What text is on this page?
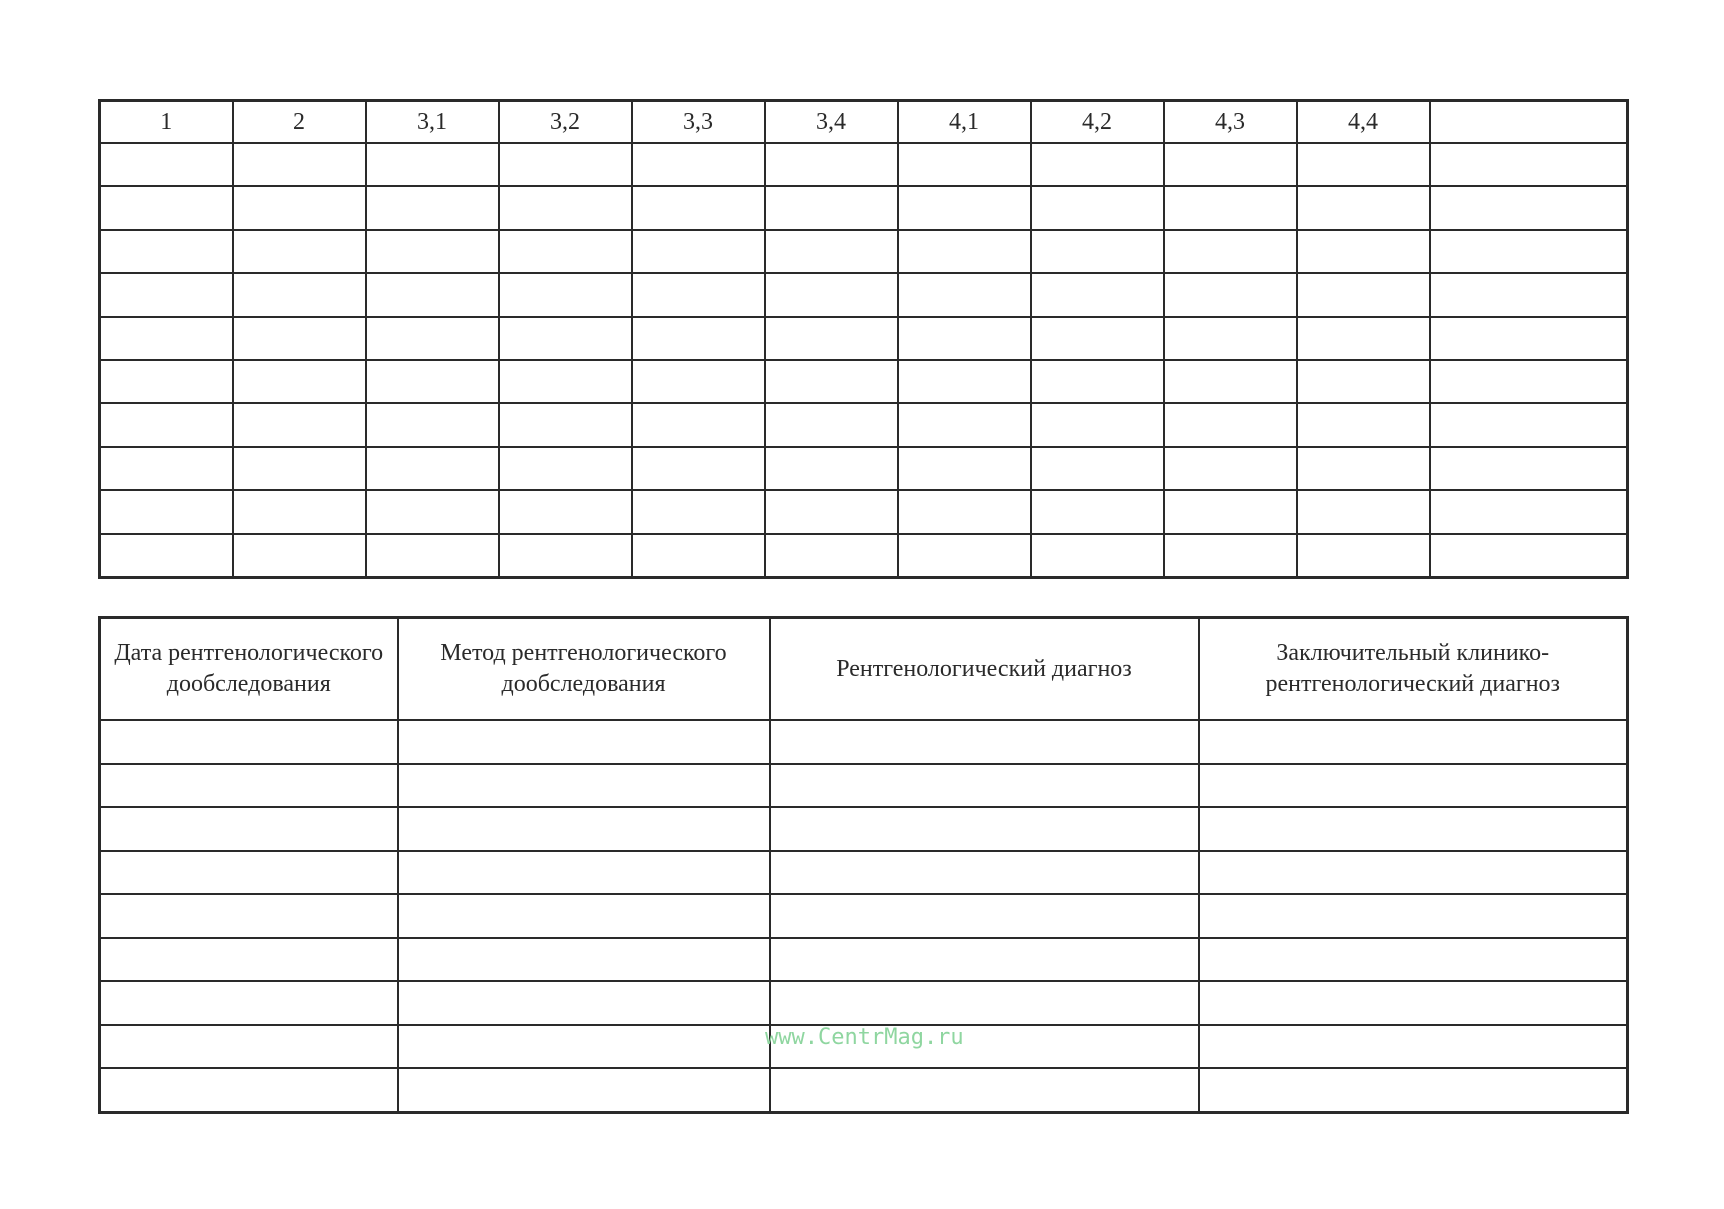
1	2	3,1	3,2	3,3	3,4	4,1	4,2	4,3	4,4	

Дата рентгенологического дообследования	Метод рентгенологического дообследования	Рентгенологический диагноз	Заключительный клинико-рентгенологический диагноз

www.CentrMag.ru
